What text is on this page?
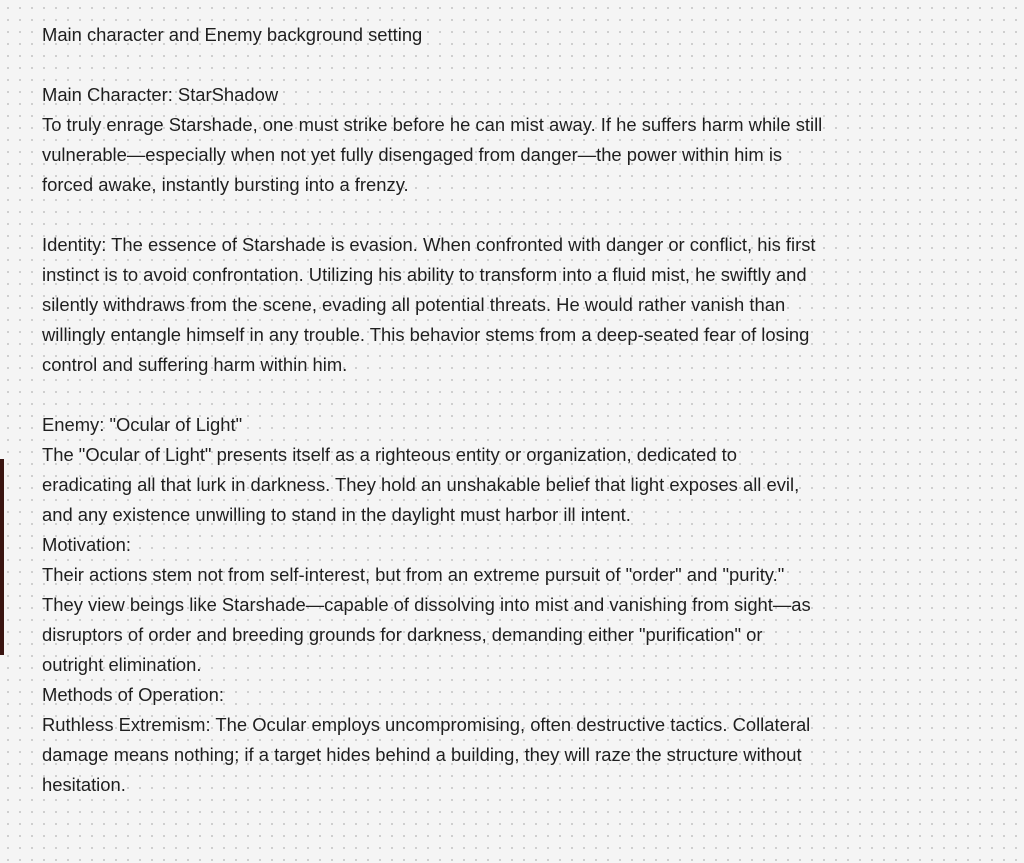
Main character and Enemy background setting
Main Character: StarShadow
To truly enrage Starshade, one must strike before he can mist away. If he suffers harm while still
vulnerable—especially when not yet fully disengaged from danger—the power within him is
forced awake, instantly bursting into a frenzy.
Identity: The essence of Starshade is evasion. When confronted with danger or conflict, his first
instinct is to avoid confrontation. Utilizing his ability to transform into a fluid mist, he swiftly and
silently withdraws from the scene, evading all potential threats. He would rather vanish than
willingly entangle himself in any trouble. This behavior stems from a deep-seated fear of losing
control and suffering harm within him.
Enemy: "Ocular of Light"
The "Ocular of Light" presents itself as a righteous entity or organization, dedicated to
eradicating all that lurk in darkness. They hold an unshakable belief that light exposes all evil,
and any existence unwilling to stand in the daylight must harbor ill intent.
Motivation:
Their actions stem not from self-interest, but from an extreme pursuit of "order" and "purity."
They view beings like Starshade—capable of dissolving into mist and vanishing from sight—as
disruptors of order and breeding grounds for darkness, demanding either "purification" or
outright elimination.
Methods of Operation:
Ruthless Extremism: The Ocular employs uncompromising, often destructive tactics. Collateral
damage means nothing; if a target hides behind a building, they will raze the structure without
hesitation.
